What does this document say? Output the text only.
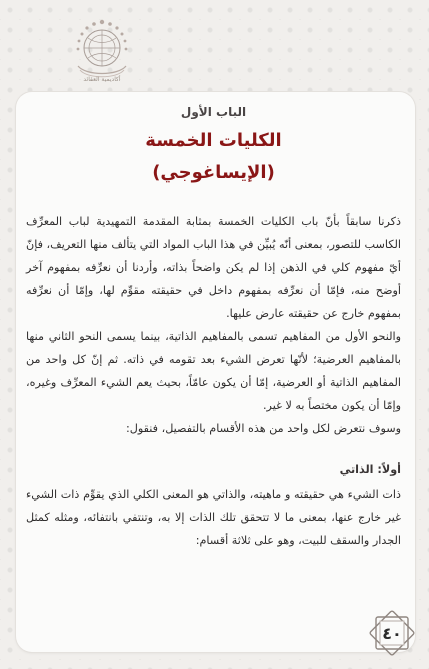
أكاديمية العقائد
الباب الأول
الكليات الخمسة
(الإيساغوجي)

ذكرنا سابقاً بأنّ باب الكليات الخمسة بمثابة المقدمة التمهيدية لباب المعرِّف الكاسب للتصور، بمعنى أنّه يُبيِّن في هذا الباب المواد التي يتألف منها التعريف، فإنّ أيّ مفهوم كلي في الذهن إذا لم يكن واضحاً بذاته، وأردنا أن نعرِّفه بمفهوم آخر أوضح منه، فإمّا أن نعرِّفه بمفهوم داخل في حقيقته مقوِّم لها، وإمّا أن نعرِّفه بمفهوم خارج عن حقيقته عارض عليها.

والنحو الأول من المفاهيم تسمى بالمفاهيم الذاتية، بينما يسمى النحو الثاني منها بالمفاهيم العرضية؛ لأنّها تعرض الشيء بعد تقومه في ذاته. ثم إنّ كل واحد من المفاهيم الذاتية أو العرضية، إمّا أن يكون عامّاً، بحيث يعم الشيء المعرِّف وغيره، وإمّا أن يكون مختصاً به لا غير.

وسوف نتعرض لكل واحد من هذه الأقسام بالتفصيل، فنقول:

أولاً: الذاتي

ذات الشيء هي حقيقته و ماهيته، والذاتي هو المعنى الكلي الذي يقوِّم ذات الشيء غير خارج عنها، بمعنى ما لا تتحقق تلك الذات إلا به، وتنتفي بانتفائه، ومثله كمثل الجدار والسقف للبيت، وهو على ثلاثة أقسام:

٤٠
